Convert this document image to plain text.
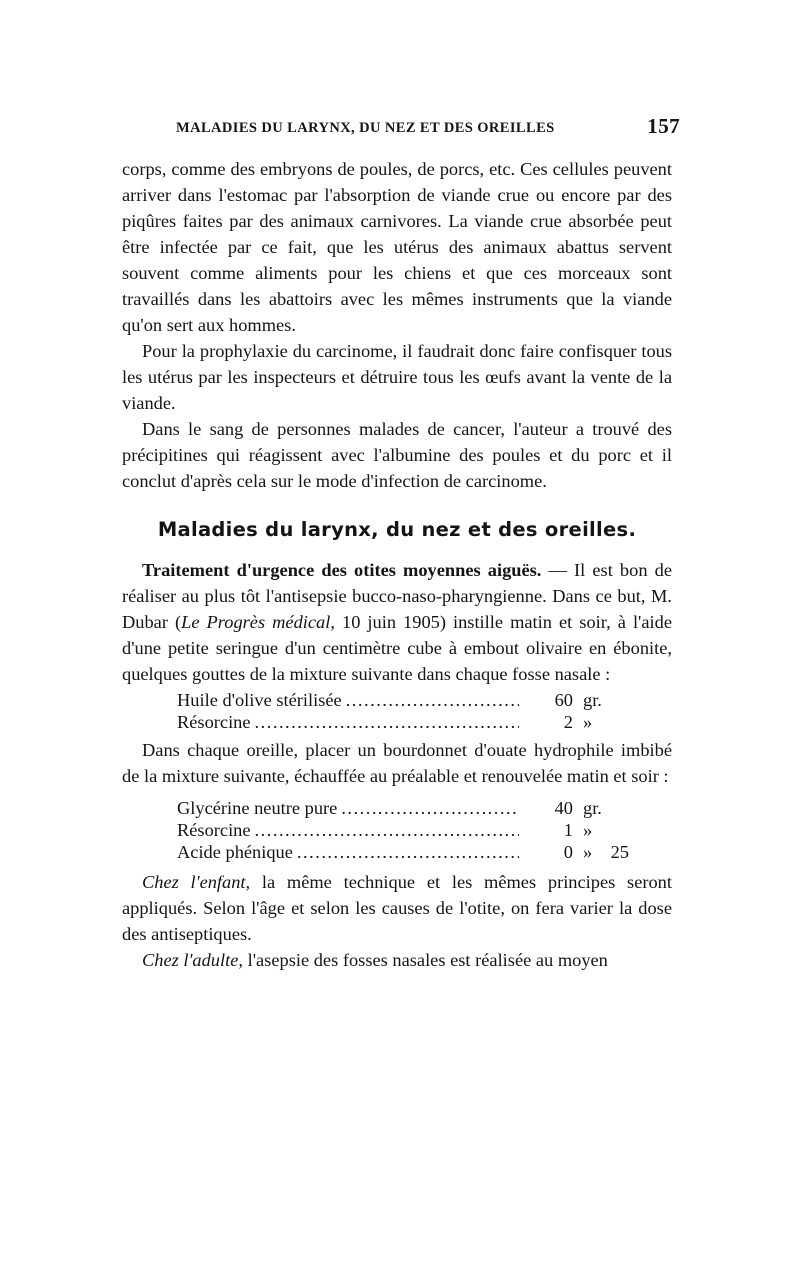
MALADIES DU LARYNX, DU NEZ ET DES OREILLES	157

corps, comme des embryons de poules, de porcs, etc. Ces cellules peuvent arriver dans l'estomac par l'absorption de viande crue ou encore par des piqûres faites par des animaux carnivores. La viande crue absorbée peut être infectée par ce fait, que les utérus des animaux abattus servent souvent comme aliments pour les chiens et que ces morceaux sont travaillés dans les abattoirs avec les mêmes instruments que la viande qu'on sert aux hommes.

Pour la prophylaxie du carcinome, il faudrait donc faire confisquer tous les utérus par les inspecteurs et détruire tous les œufs avant la vente de la viande.

Dans le sang de personnes malades de cancer, l'auteur a trouvé des précipitines qui réagissent avec l'albumine des poules et du porc et il conclut d'après cela sur le mode d'infection de carcinome.

Maladies du larynx, du nez et des oreilles.

Traitement d'urgence des otites moyennes aiguës. — Il est bon de réaliser au plus tôt l'antisepsie bucco-naso-pharyngienne. Dans ce but, M. Dubar (Le Progrès médical, 10 juin 1905) instille matin et soir, à l'aide d'une petite seringue d'un centimètre cube à embout olivaire en ébonite, quelques gouttes de la mixture suivante dans chaque fosse nasale :

Huile d'olive stérilisée .....	60 gr.
Résorcine .....	2 »

Dans chaque oreille, placer un bourdonnet d'ouate hydrophile imbibé de la mixture suivante, échauffée au préalable et renouvelée matin et soir :

Glycérine neutre pure .....	40 gr.
Résorcine .....	1 »
Acide phénique .....	0 » 25

Chez l'enfant, la même technique et les mêmes principes seront appliqués. Selon l'âge et selon les causes de l'otite, on fera varier la dose des antiseptiques.

Chez l'adulte, l'asepsie des fosses nasales est réalisée au moyen
